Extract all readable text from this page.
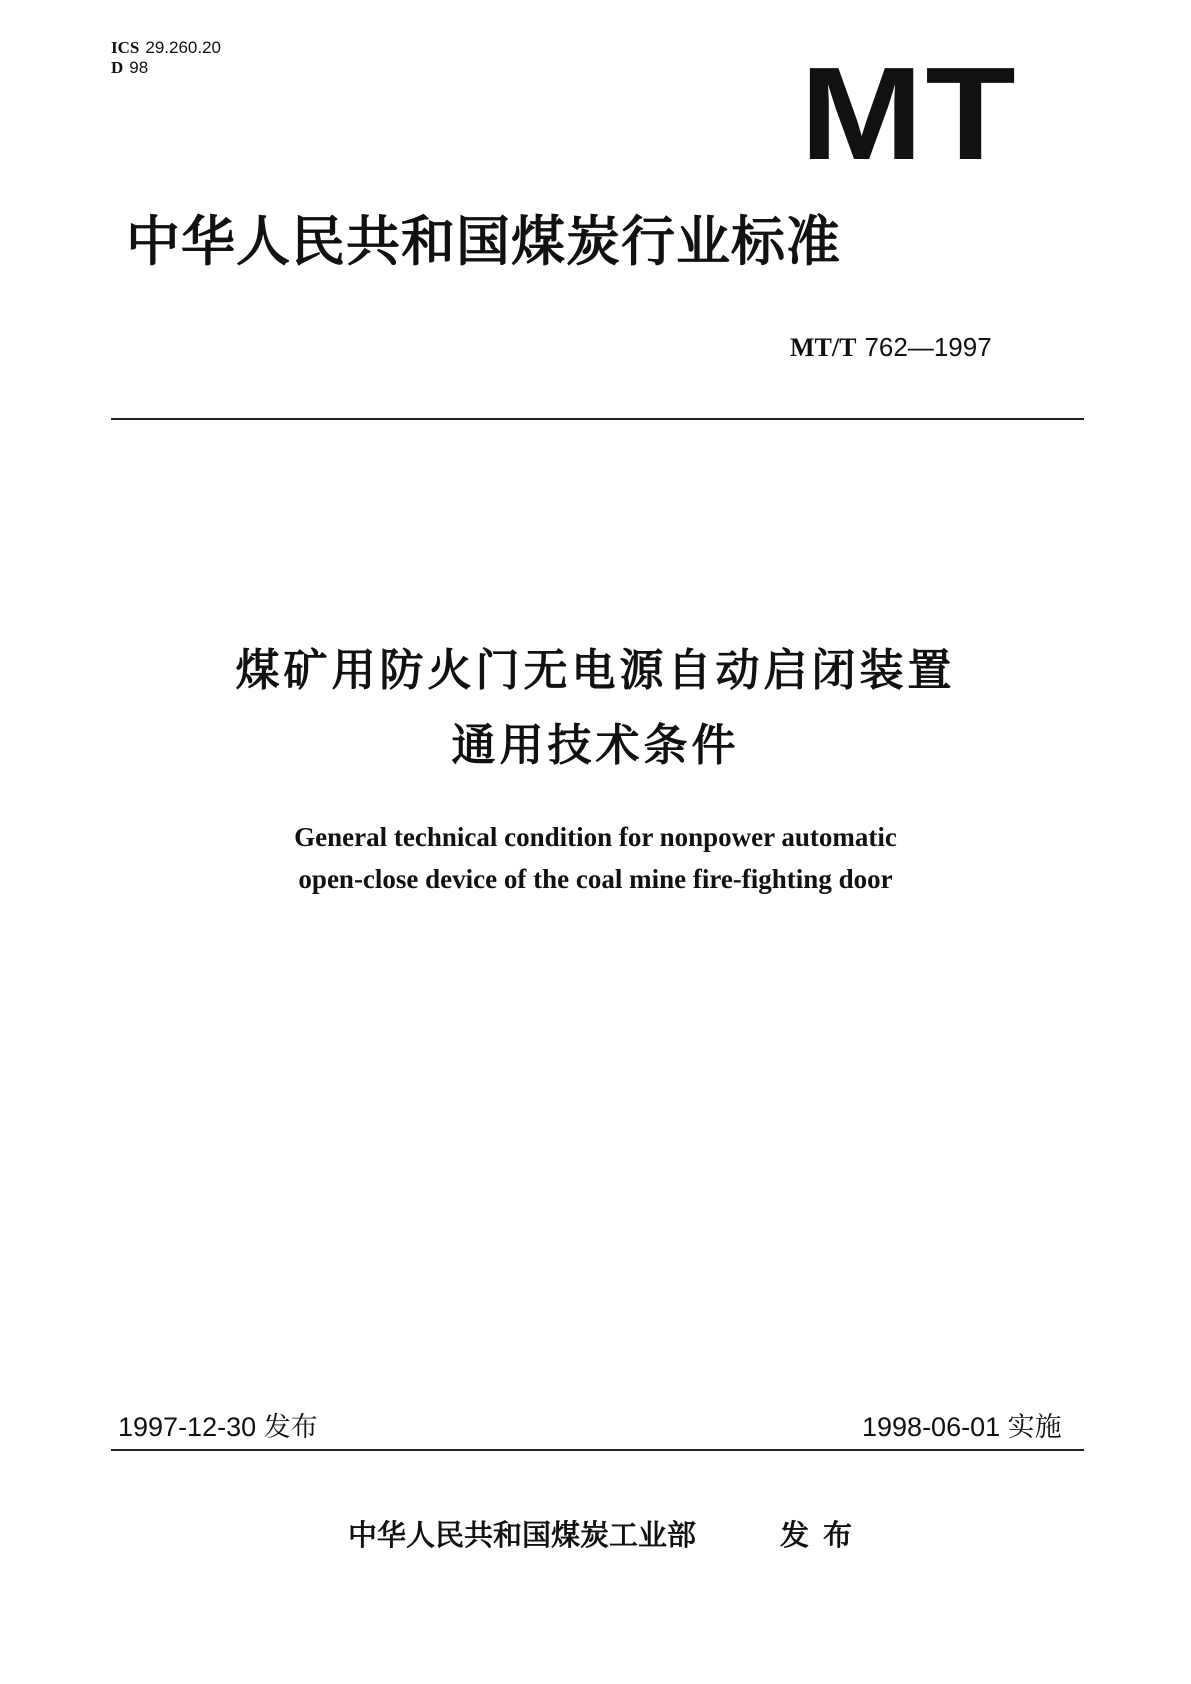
ICS 29.260.20
D 98	MT
中华人民共和国煤炭行业标准
MT/T 762—1997
煤矿用防火门无电源自动启闭装置
通用技术条件
General technical condition for nonpower automatic
open-close device of the coal mine fire-fighting door
1997-12-30 发布	1998-06-01 实施
中华人民共和国煤炭工业部	发布
